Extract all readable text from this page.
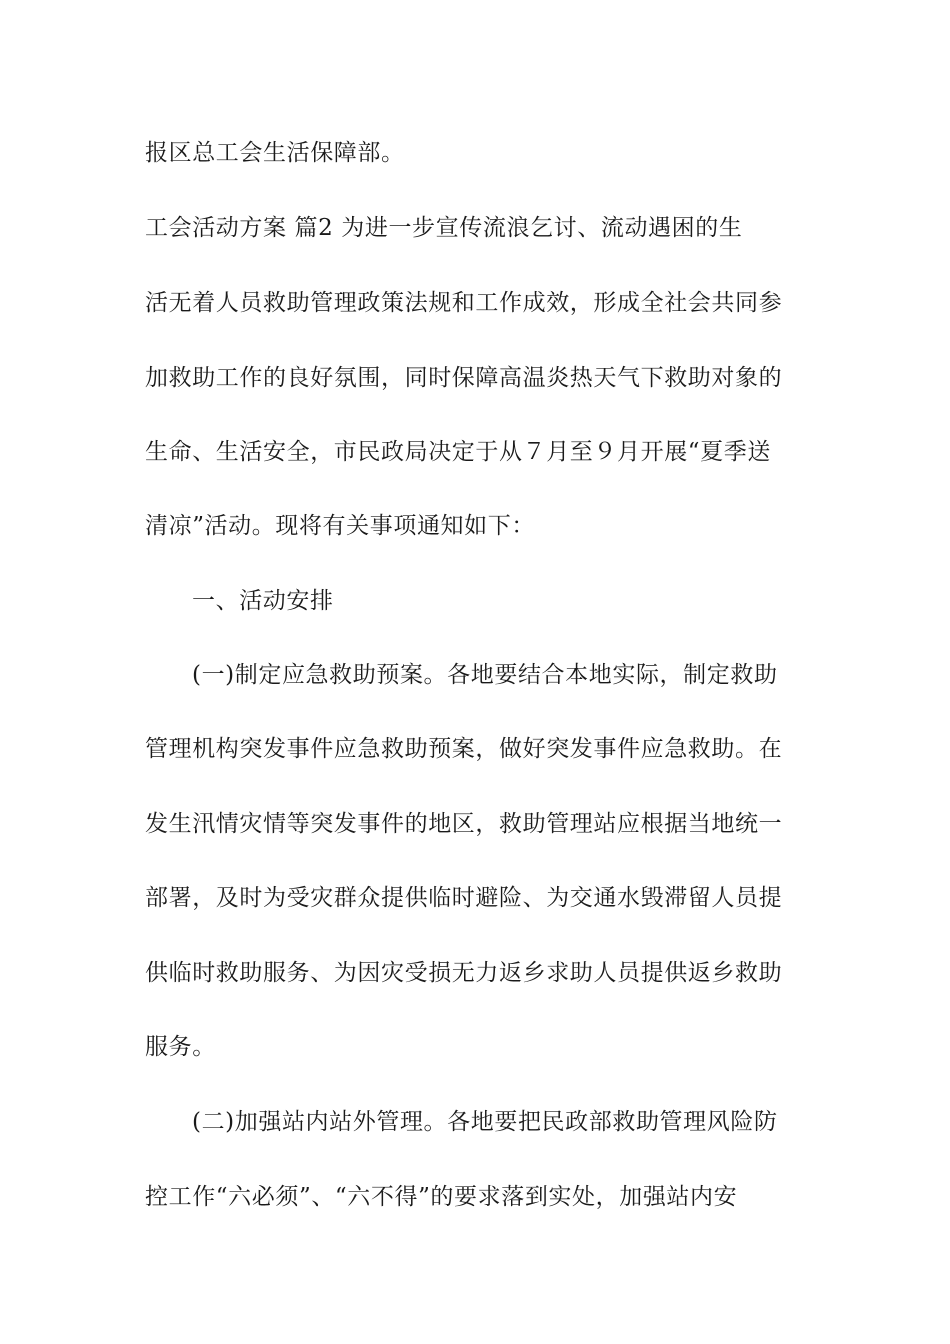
报区总工会生活保障部。
工会活动方案 篇2 为进一步宣传流浪乞讨、流动遇困的生
活无着人员救助管理政策法规和工作成效，形成全社会共同参
加救助工作的良好氛围，同时保障高温炎热天气下救助对象的
生命、生活安全，市民政局决定于从７月至９月开展“夏季送
清凉”活动。现将有关事项通知如下：
一、活动安排
(一)制定应急救助预案。各地要结合本地实际，制定救助
管理机构突发事件应急救助预案，做好突发事件应急救助。在
发生汛情灾情等突发事件的地区，救助管理站应根据当地统一
部署，及时为受灾群众提供临时避险、为交通水毁滞留人员提
供临时救助服务、为因灾受损无力返乡求助人员提供返乡救助
服务。
(二)加强站内站外管理。各地要把民政部救助管理风险防
控工作“六必须”、“六不得”的要求落到实处，加强站内安
